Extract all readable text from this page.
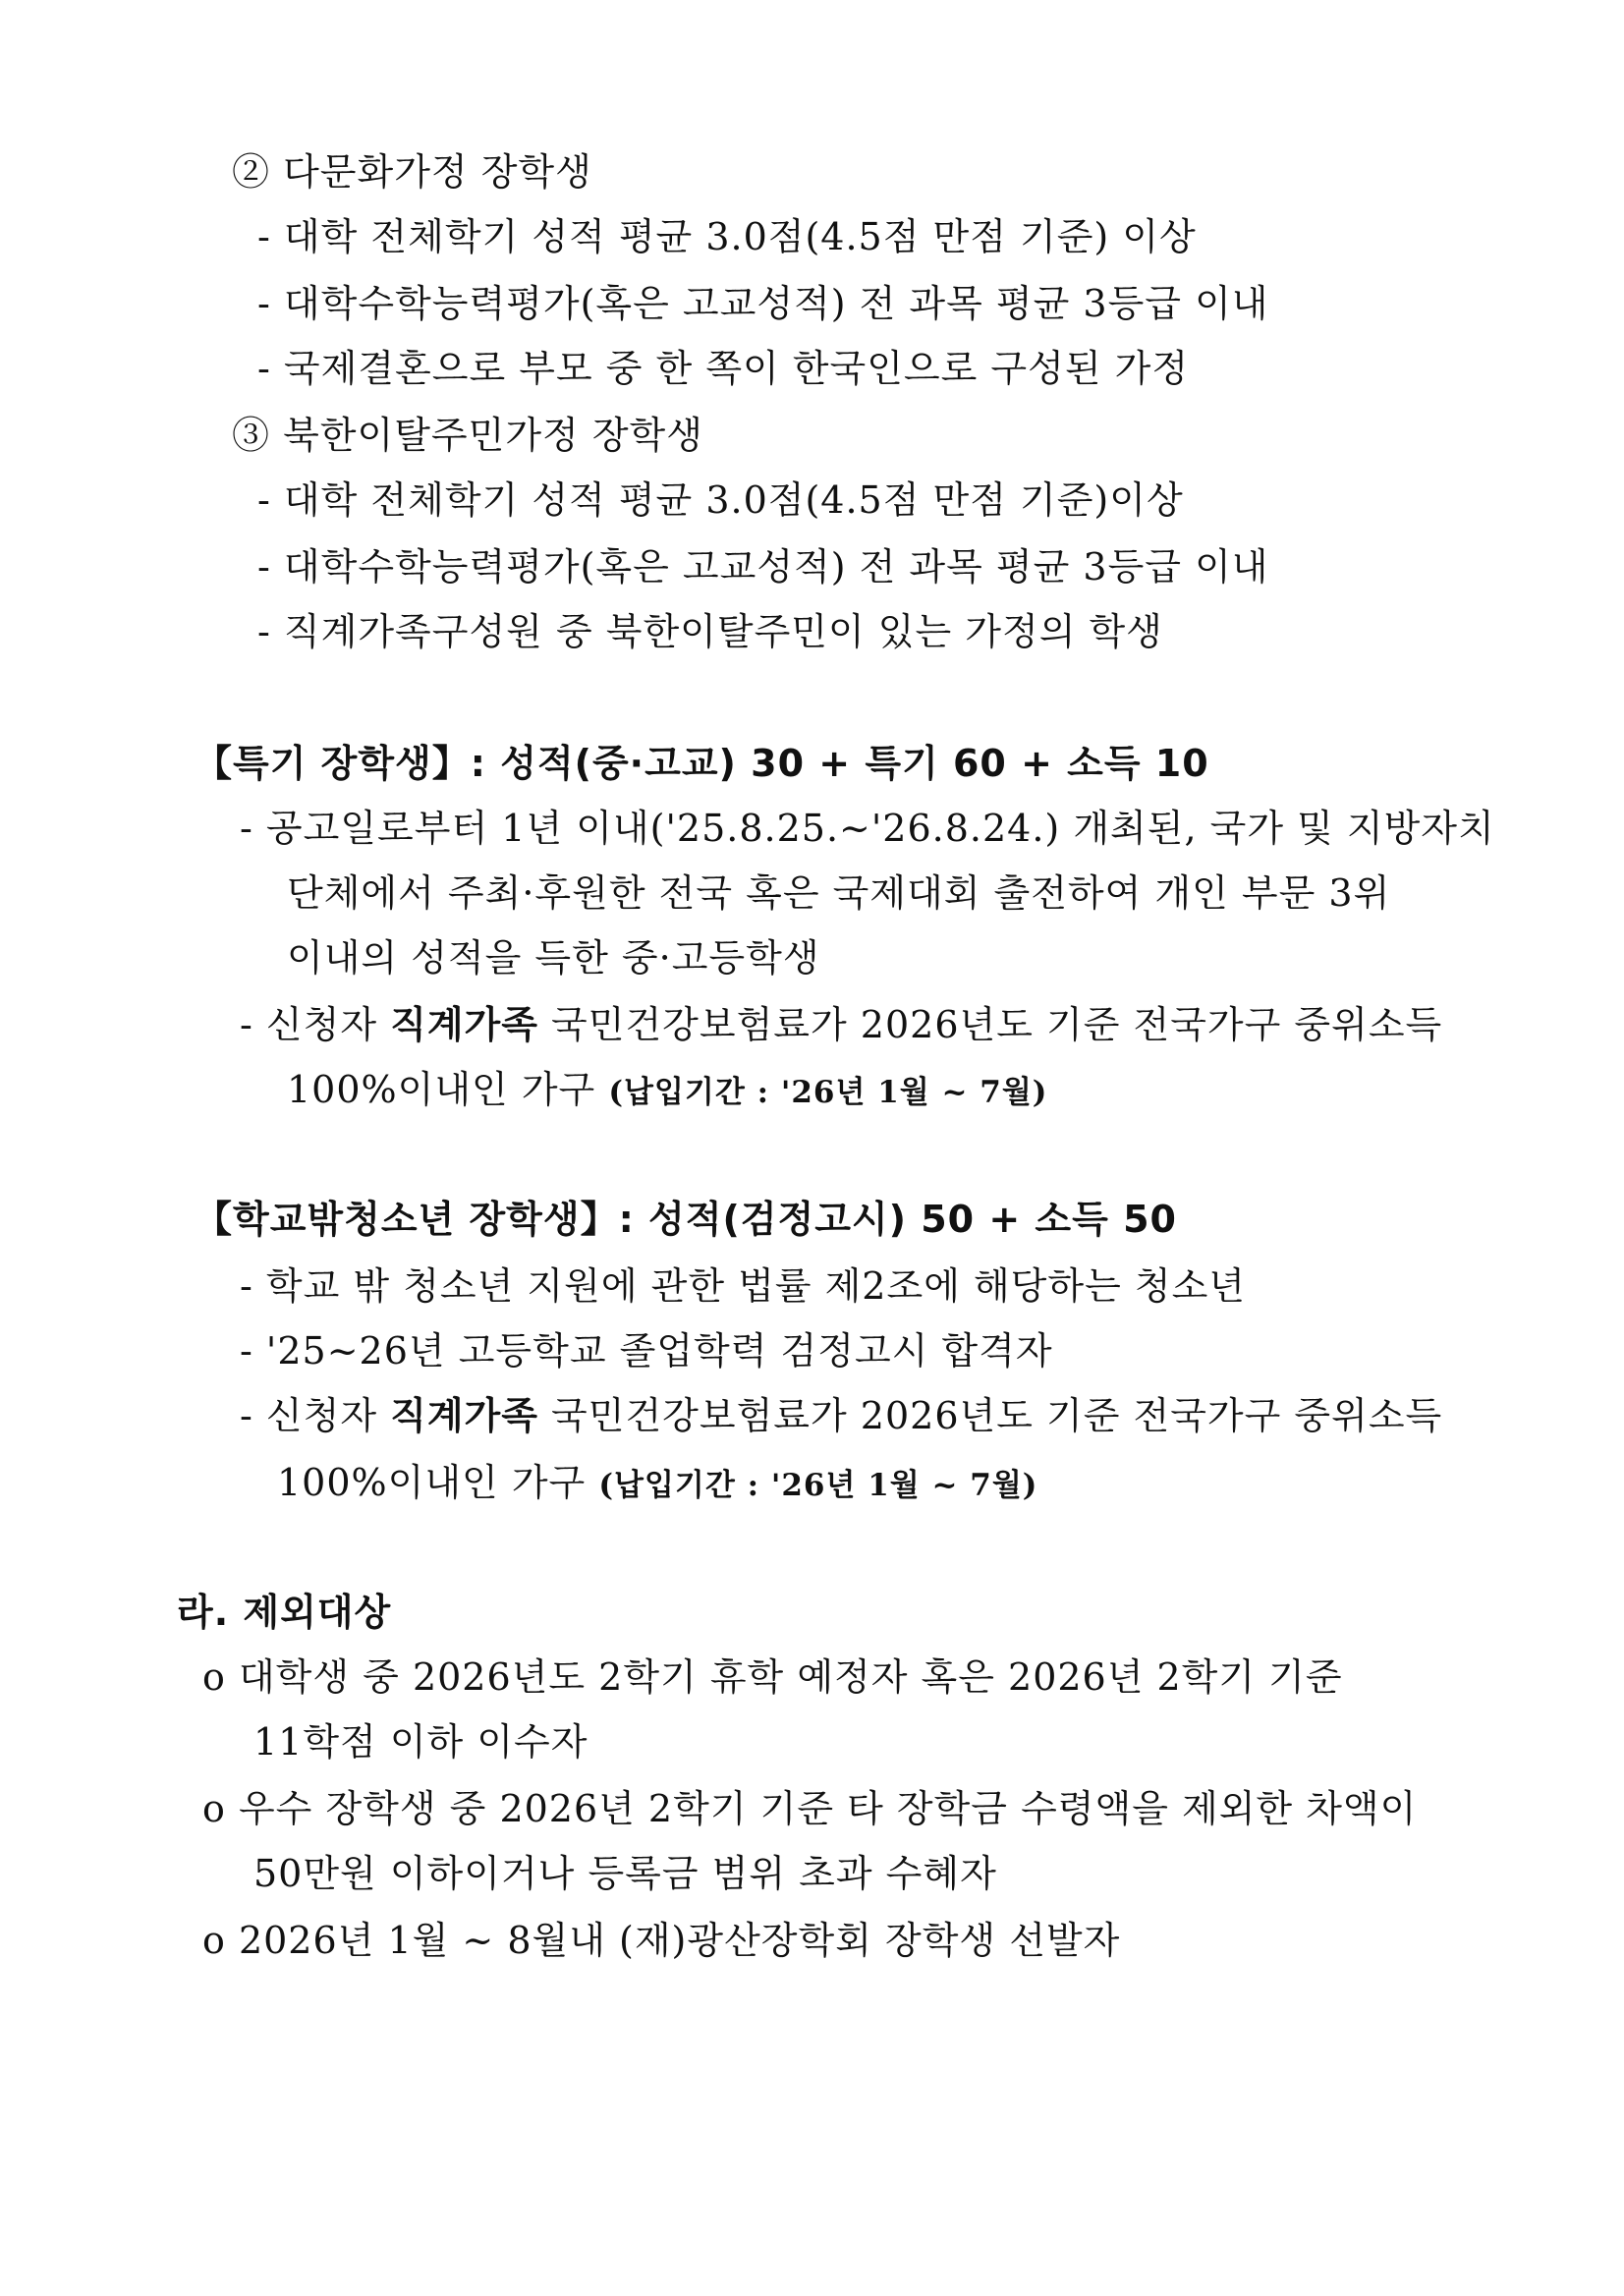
② 다문화가정 장학생
- 대학 전체학기 성적 평균 3.0점(4.5점 만점 기준) 이상
- 대학수학능력평가(혹은 고교성적) 전 과목 평균 3등급 이내
- 국제결혼으로 부모 중 한 쪽이 한국인으로 구성된 가정
③ 북한이탈주민가정 장학생
- 대학 전체학기 성적 평균 3.0점(4.5점 만점 기준)이상
- 대학수학능력평가(혹은 고교성적) 전 과목 평균 3등급 이내
- 직계가족구성원 중 북한이탈주민이 있는 가정의 학생
【특기 장학생】: 성적(중·고교) 30 + 특기 60 + 소득 10
- 공고일로부터 1년 이내('25.8.25.~'26.8.24.) 개최된, 국가 및 지방자치
단체에서 주최·후원한 전국 혹은 국제대회 출전하여 개인 부문 3위
이내의 성적을 득한 중·고등학생
- 신청자 직계가족 국민건강보험료가 2026년도 기준 전국가구 중위소득
100%이내인 가구 (납입기간 : '26년 1월 ~ 7월)
【학교밖청소년 장학생】: 성적(검정고시) 50 + 소득 50
- 학교 밖 청소년 지원에 관한 법률 제2조에 해당하는 청소년
- '25~26년 고등학교 졸업학력 검정고시 합격자
- 신청자 직계가족 국민건강보험료가 2026년도 기준 전국가구 중위소득
100%이내인 가구 (납입기간 : '26년 1월 ~ 7월)
라. 제외대상
o 대학생 중 2026년도 2학기 휴학 예정자 혹은 2026년 2학기 기준
11학점 이하 이수자
o 우수 장학생 중 2026년 2학기 기준 타 장학금 수령액을 제외한 차액이
50만원 이하이거나 등록금 범위 초과 수혜자
o 2026년 1월 ~ 8월내 (재)광산장학회 장학생 선발자
